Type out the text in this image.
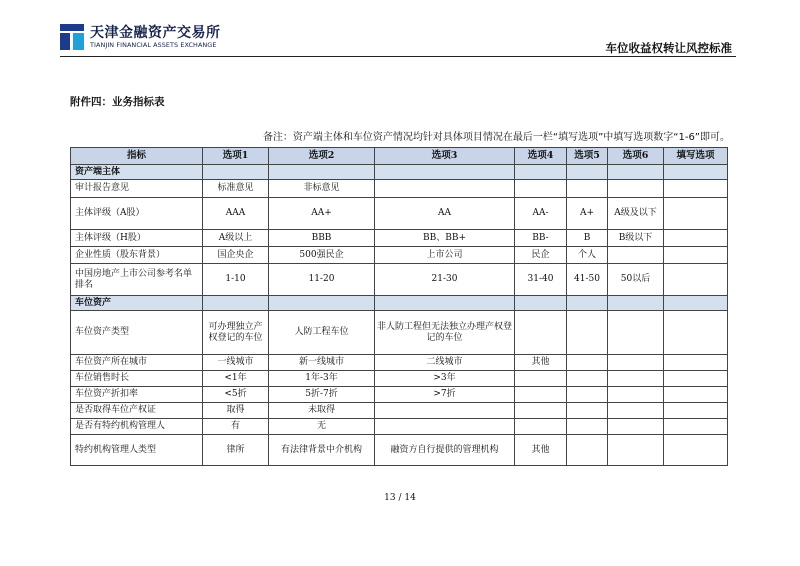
天津金融资产交易所
TIANJIN FINANCIAL ASSETS EXCHANGE	车位收益权转让风控标准
附件四：业务指标表
备注：资产端主体和车位资产情况均针对具体项目情况在最后一栏“填写选项”中填写选项数字“1-6”即可。
指标	选项1	选项2	选项3	选项4	选项5	选项6	填写选项
资产端主体							
审计报告意见	标准意见	非标意见					
主体评级（A股）	AAA	AA+	AA	AA-	A+	A级及以下	
主体评级（H股）	A级以上	BBB	BB、BB+	BB-	B	B级以下	
企业性质（股东背景）	国企央企	500强民企	上市公司	民企	个人		
中国房地产上市公司参考名单排名	1-10	11-20	21-30	31-40	41-50	50以后	
车位资产							
车位资产类型	可办理独立产权登记的车位	人防工程车位	非人防工程但无法独立办理产权登记的车位				
车位资产所在城市	一线城市	新一线城市	二线城市	其他			
车位销售时长	<1年	1年-3年	>3年				
车位资产折扣率	<5折	5折-7折	>7折				
是否取得车位产权证	取得	未取得					
是否有特约机构管理人	有	无					
特约机构管理人类型	律所	有法律背景中介机构	融资方自行提供的管理机构	其他			
13 / 14
